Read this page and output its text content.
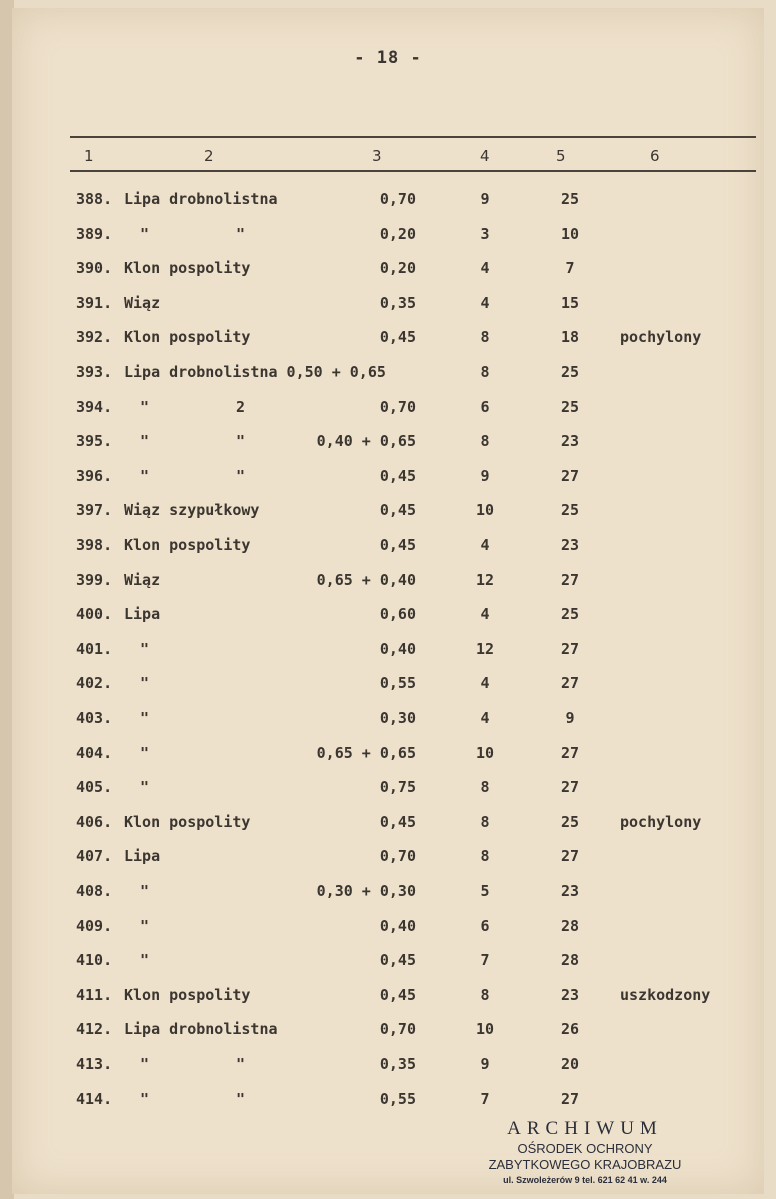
- 18 -
1	2	3	4	5	6
388. Lipa drobnolistna	0,70	9	25
389. "	"	0,20	3	10
390. Klon pospolity	0,20	4	7
391. Wiąz	0,35	4	15
392. Klon pospolity	0,45	8	18	pochylony
393. Lipa drobnolistna 0,50 + 0,65	8	25
394. "	2	0,70	6	25
395. "	"	0,40 + 0,65	8	23
396. "	"	0,45	9	27
397. Wiąz szypułkowy	0,45	10	25
398. Klon pospolity	0,45	4	23
399. Wiąz	0,65 + 0,40	12	27
400. Lipa	0,60	4	25
401. "	0,40	12	27
402. "	0,55	4	27
403. "	0,30	4	9
404. "	0,65 + 0,65	10	27
405. "	0,75	8	27
406. Klon pospolity	0,45	8	25	pochylony
407. Lipa	0,70	8	27
408. "	0,30 + 0,30	5	23
409. "	0,40	6	28
410. "	0,45	7	28
411. Klon pospolity	0,45	8	23	uszkodzony
412. Lipa drobnolistna	0,70	10	26
413. "	"	0,35	9	20
414. "	"	0,55	7	27
ARCHIWUM
OŚRODEK OCHRONY
ZABYTKOWEGO KRAJOBRAZU
ul. Szwoleżerów 9 tel. 621 62 41 w. 244
